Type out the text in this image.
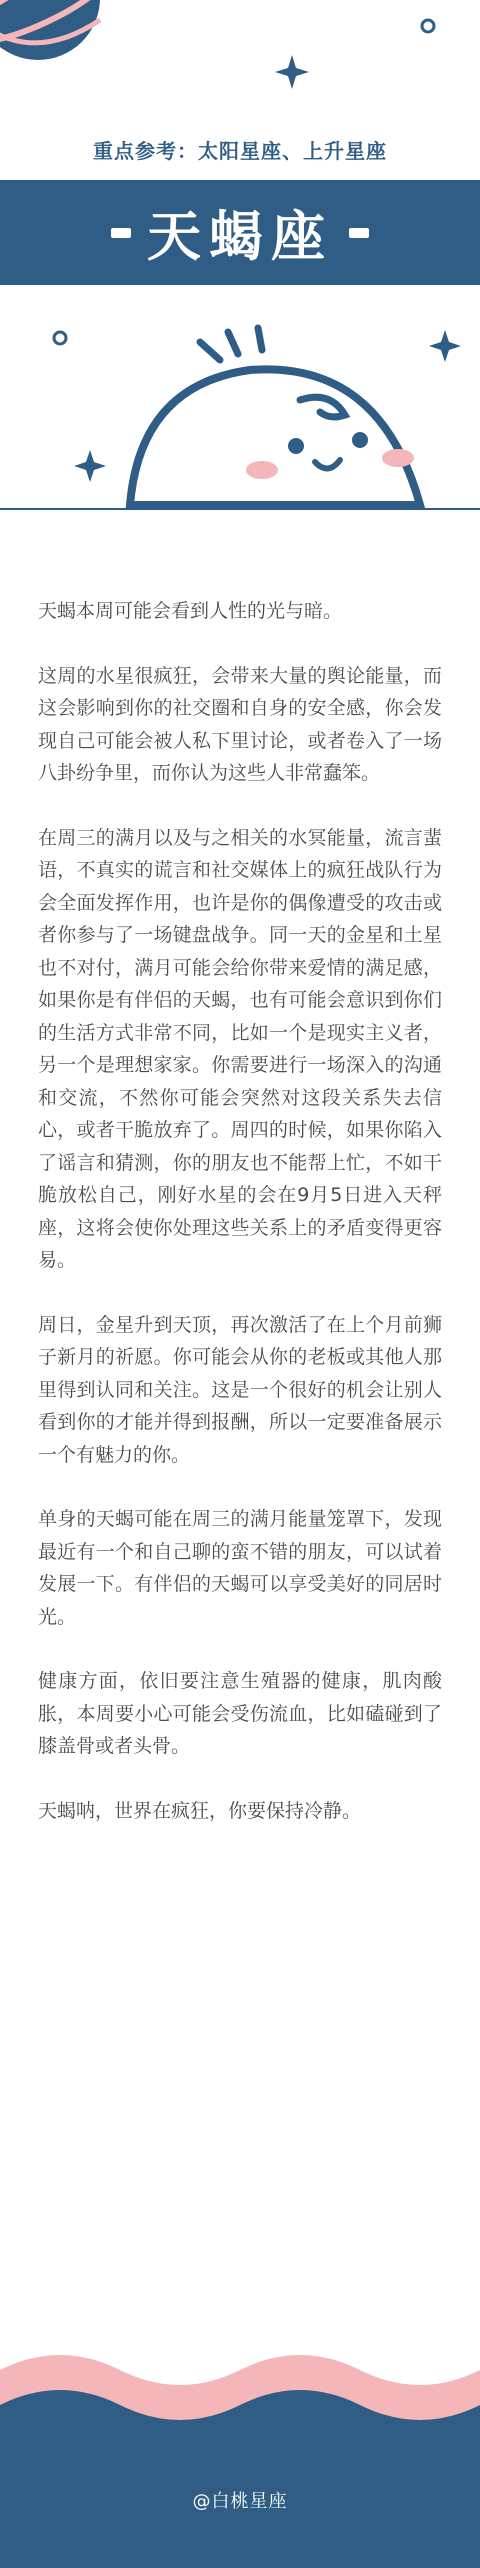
重点参考：太阳星座、上升星座
天蝎座

天蝎本周可能会看到人性的光与暗。

这周的水星很疯狂，会带来大量的舆论能量，而这会影响到你的社交圈和自身的安全感，你会发现自己可能会被人私下里讨论，或者卷入了一场八卦纷争里，而你认为这些人非常蠢笨。

在周三的满月以及与之相关的水冥能量，流言蜚语，不真实的谎言和社交媒体上的疯狂战队行为会全面发挥作用，也许是你的偶像遭受的攻击或者你参与了一场键盘战争。同一天的金星和土星也不对付，满月可能会给你带来爱情的满足感，如果你是有伴侣的天蝎，也有可能会意识到你们的生活方式非常不同，比如一个是现实主义者，另一个是理想家家。你需要进行一场深入的沟通和交流，不然你可能会突然对这段关系失去信心，或者干脆放弃了。周四的时候，如果你陷入了谣言和猜测，你的朋友也不能帮上忙，不如干脆放松自己，刚好水星的会在9月5日进入天秤座，这将会使你处理这些关系上的矛盾变得更容易。

周日，金星升到天顶，再次激活了在上个月前狮子新月的祈愿。你可能会从你的老板或其他人那里得到认同和关注。这是一个很好的机会让别人看到你的才能并得到报酬，所以一定要准备展示一个有魅力的你。

单身的天蝎可能在周三的满月能量笼罩下，发现最近有一个和自己聊的蛮不错的朋友，可以试着发展一下。有伴侣的天蝎可以享受美好的同居时光。

健康方面，依旧要注意生殖器的健康，肌肉酸胀，本周要小心可能会受伤流血，比如磕碰到了膝盖骨或者头骨。

天蝎呐，世界在疯狂，你要保持冷静。

@白桃星座
